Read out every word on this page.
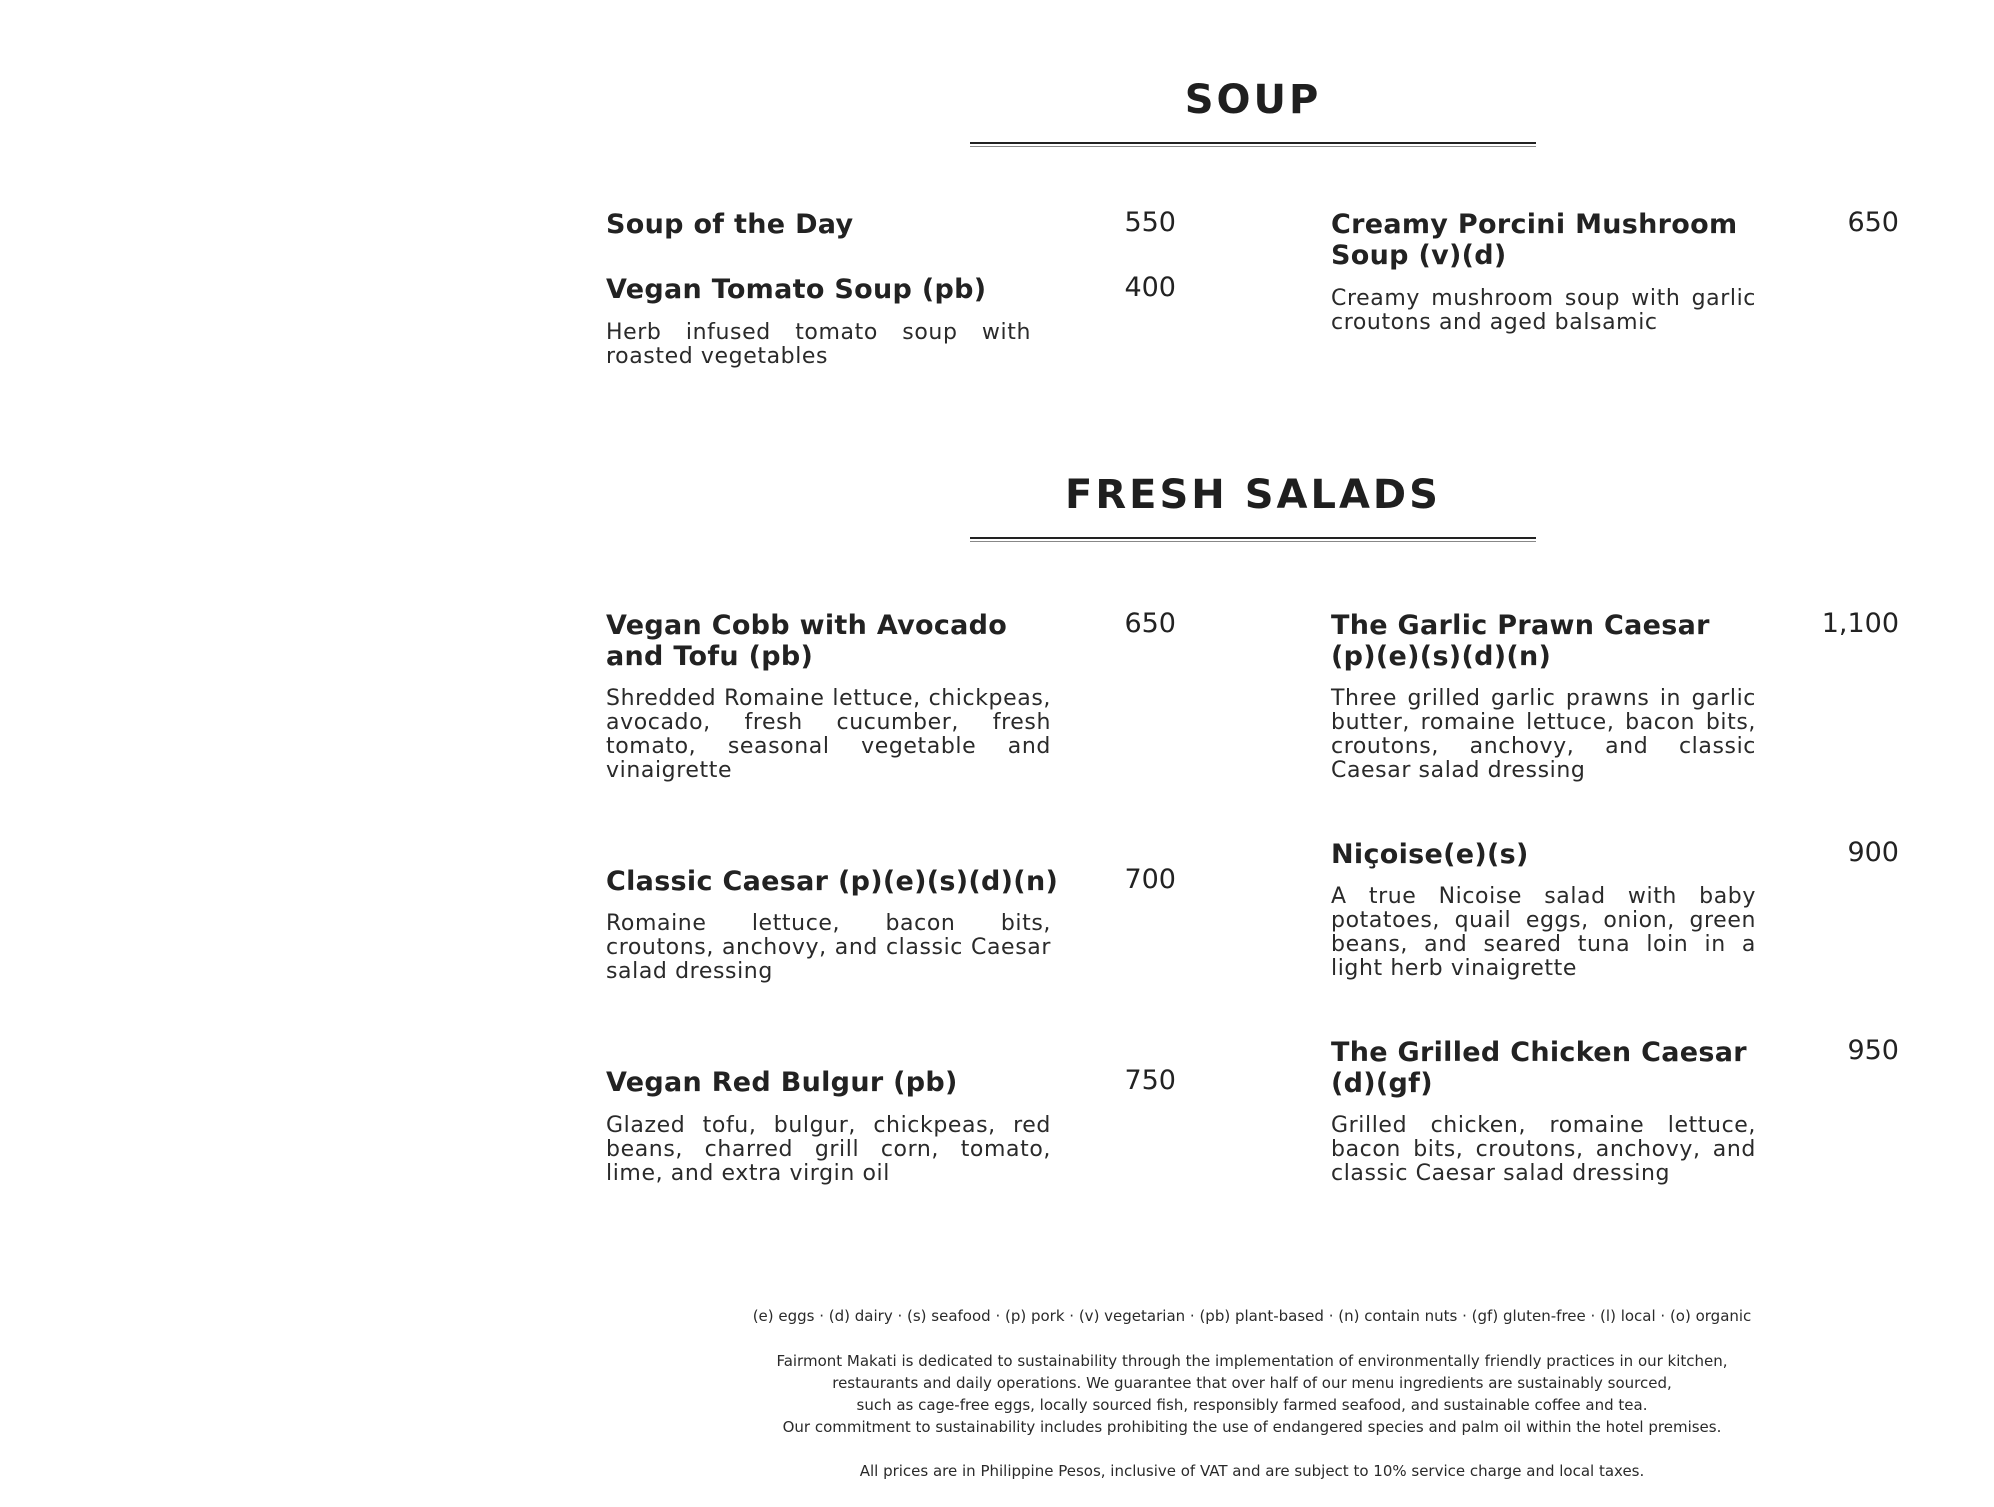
SOUP

Soup of the Day	550

Vegan Tomato Soup (pb)	400

Herb infused tomato soup with roasted vegetables

Creamy Porcini Mushroom Soup (v)(d)

650

Creamy mushroom soup with garlic croutons and aged balsamic

FRESH SALADS

Vegan Cobb with Avocado and Tofu (pb)

650

Shredded Romaine lettuce, chickpeas, avocado, fresh cucumber, fresh tomato, seasonal vegetable and vinaigrette

Classic Caesar (p)(e)(s)(d)(n)	700

Romaine lettuce, bacon bits, croutons, anchovy, and classic Caesar salad dressing

Vegan Red Bulgur (pb)	750

Glazed tofu, bulgur, chickpeas, red beans, charred grill corn, tomato, lime, and extra virgin oil

The Garlic Prawn Caesar (p)(e)(s)(d)(n)

1,100

Three grilled garlic prawns in garlic butter, romaine lettuce, bacon bits, croutons, anchovy, and classic Caesar salad dressing

Niçoise(e)(s)	900

A true Nicoise salad with baby potatoes, quail eggs, onion, green beans, and seared tuna loin in a light herb vinaigrette

The Grilled Chicken Caesar (d)(gf)

950

Grilled chicken, romaine lettuce, bacon bits, croutons, anchovy, and classic Caesar salad dressing

(e) eggs · (d) dairy · (s) seafood · (p) pork · (v) vegetarian · (pb) plant-based · (n) contain nuts · (gf) gluten-free · (l) local · (o) organic

Fairmont Makati is dedicated to sustainability through the implementation of environmentally friendly practices in our kitchen,

restaurants and daily operations. We guarantee that over half of our menu ingredients are sustainably sourced,

such as cage-free eggs, locally sourced fish, responsibly farmed seafood, and sustainable coffee and tea.

Our commitment to sustainability includes prohibiting the use of endangered species and palm oil within the hotel premises.

All prices are in Philippine Pesos, inclusive of VAT and are subject to 10% service charge and local taxes.
